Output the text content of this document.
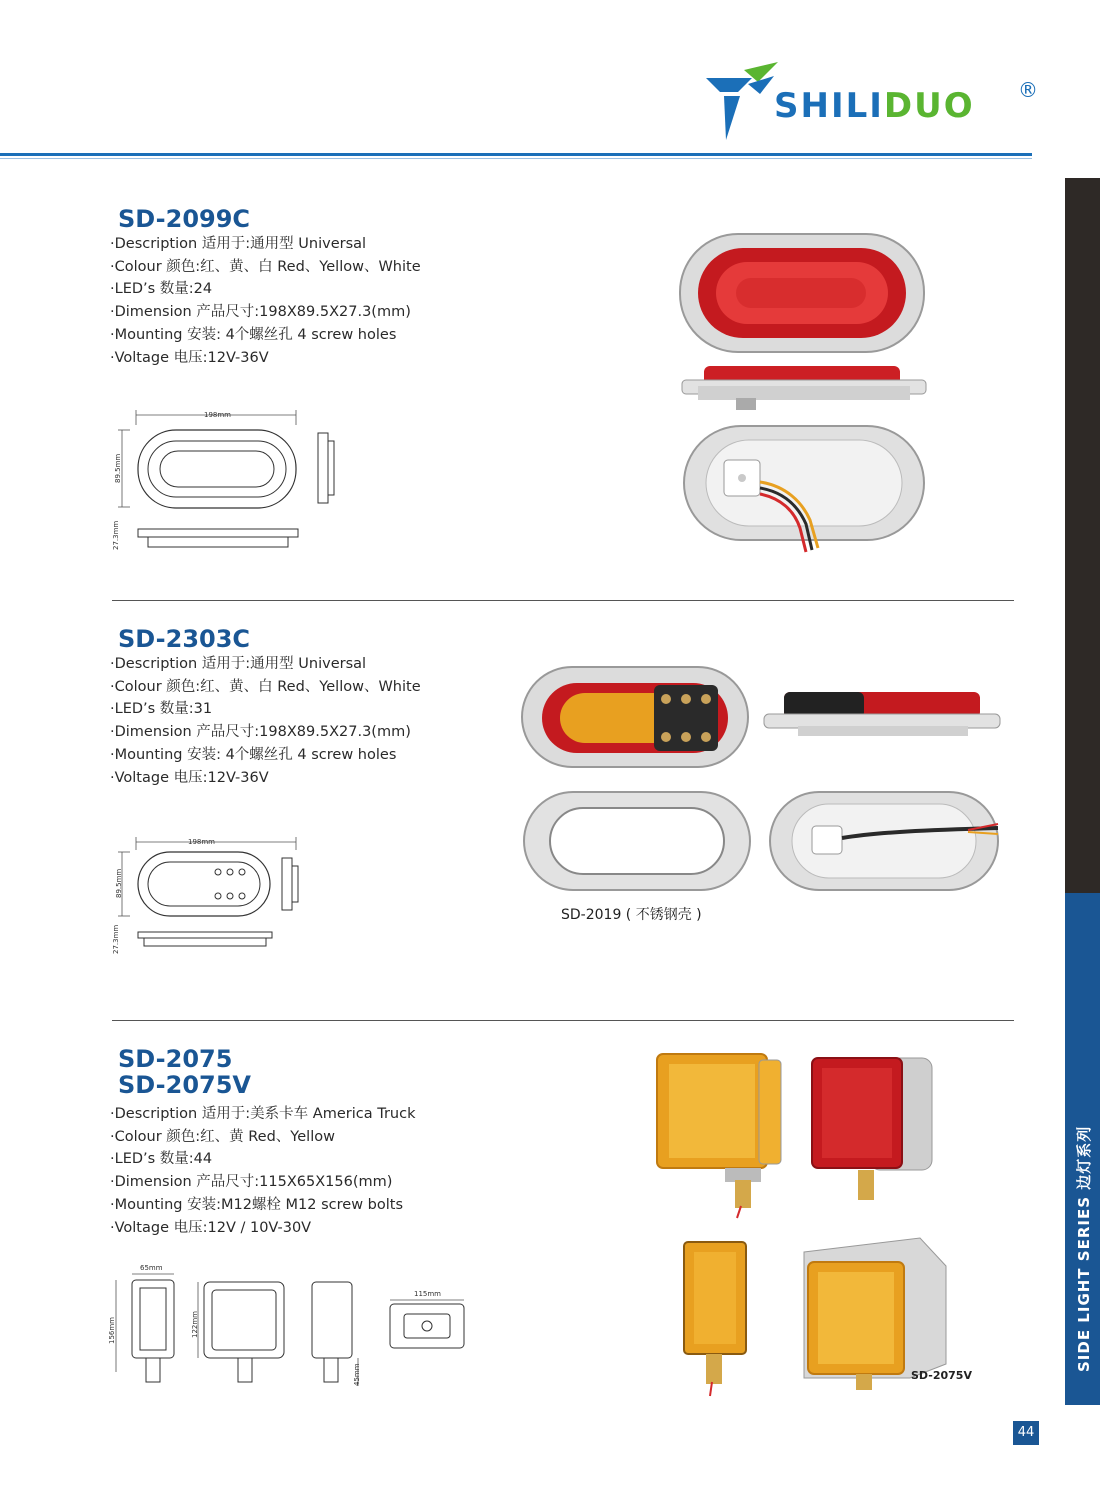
SHILIDUO ®
SIDE LIGHT SERIES 边灯系列
44
SD-2099C
·Description 适用于:通用型 Universal
·Colour 颜色:红、黄、白 Red、Yellow、White
·LED’s 数量:24
·Dimension 产品尺寸:198X89.5X27.3(mm)
·Mounting 安装: 4个螺丝孔 4 screw holes
·Voltage 电压:12V-36V
198mm
89.5mm
27.3mm
SD-2303C
·Description 适用于:通用型 Universal
·Colour 颜色:红、黄、白 Red、Yellow、White
·LED’s 数量:31
·Dimension 产品尺寸:198X89.5X27.3(mm)
·Mounting 安装: 4个螺丝孔 4 screw holes
·Voltage 电压:12V-36V
198mm
89.5mm
27.3mm
SD-2019 ( 不锈钢壳 )
SD-2075
SD-2075V
·Description 适用于:美系卡车 America Truck
·Colour 颜色:红、黄 Red、Yellow
·LED’s 数量:44
·Dimension 产品尺寸:115X65X156(mm)
·Mounting 安装:M12螺栓 M12 screw bolts
·Voltage 电压:12V / 10V-30V
65mm
156mm	122mm
45mm
115mm
SD-2075V
